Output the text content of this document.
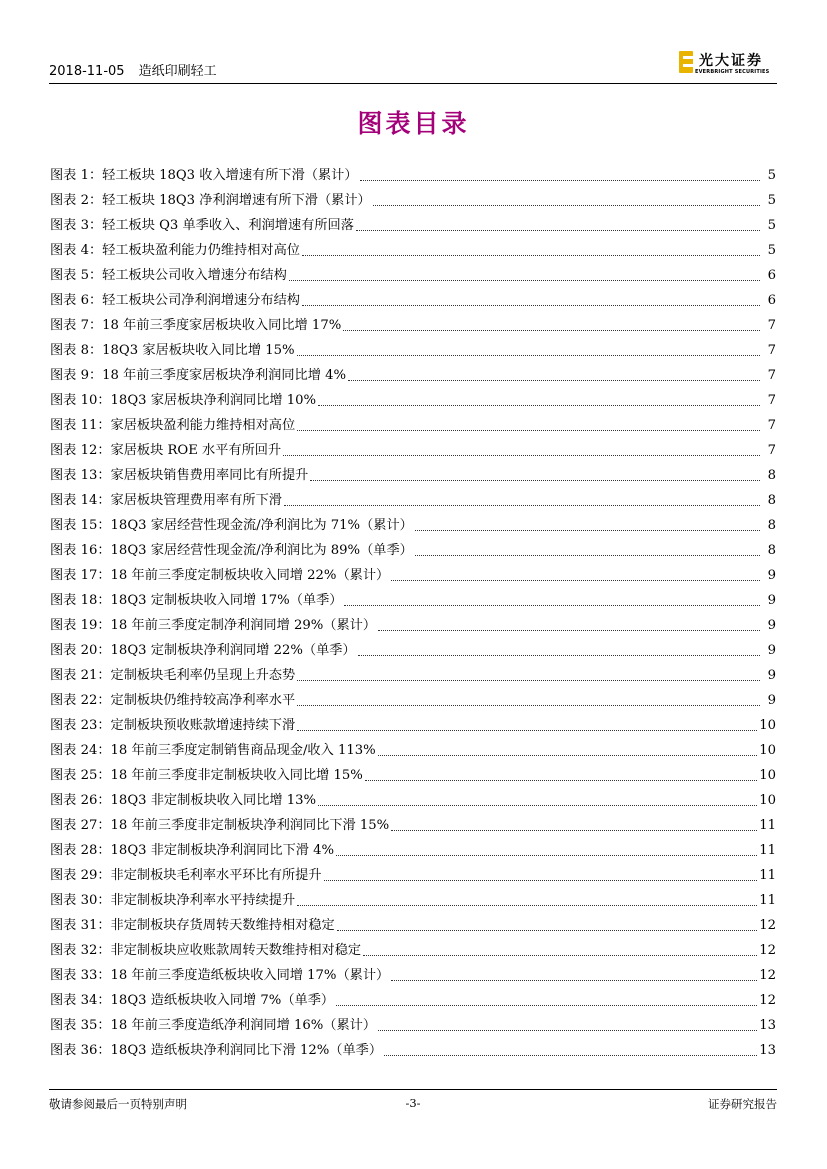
2018-11-05 造纸印刷轻工
光大证券
EVERBRIGHT SECURITIES
图表目录
图表 1：轻工板块 18Q3 收入增速有所下滑（累计）	5
图表 2：轻工板块 18Q3 净利润增速有所下滑（累计）	5
图表 3：轻工板块 Q3 单季收入、利润增速有所回落	5
图表 4：轻工板块盈利能力仍维持相对高位	5
图表 5：轻工板块公司收入增速分布结构	6
图表 6：轻工板块公司净利润增速分布结构	6
图表 7：18 年前三季度家居板块收入同比增 17%	7
图表 8：18Q3 家居板块收入同比增 15%	7
图表 9：18 年前三季度家居板块净利润同比增 4%	7
图表 10：18Q3 家居板块净利润同比增 10%	7
图表 11：家居板块盈利能力维持相对高位	7
图表 12：家居板块 ROE 水平有所回升	7
图表 13：家居板块销售费用率同比有所提升	8
图表 14：家居板块管理费用率有所下滑	8
图表 15：18Q3 家居经营性现金流/净利润比为 71%（累计）	8
图表 16：18Q3 家居经营性现金流/净利润比为 89%（单季）	8
图表 17：18 年前三季度定制板块收入同增 22%（累计）	9
图表 18：18Q3 定制板块收入同增 17%（单季）	9
图表 19：18 年前三季度定制净利润同增 29%（累计）	9
图表 20：18Q3 定制板块净利润同增 22%（单季）	9
图表 21：定制板块毛利率仍呈现上升态势	9
图表 22：定制板块仍维持较高净利率水平	9
图表 23：定制板块预收账款增速持续下滑	10
图表 24：18 年前三季度定制销售商品现金/收入 113%	10
图表 25：18 年前三季度非定制板块收入同比增 15%	10
图表 26：18Q3 非定制板块收入同比增 13%	10
图表 27：18 年前三季度非定制板块净利润同比下滑 15%	11
图表 28：18Q3 非定制板块净利润同比下滑 4%	11
图表 29：非定制板块毛利率水平环比有所提升	11
图表 30：非定制板块净利率水平持续提升	11
图表 31：非定制板块存货周转天数维持相对稳定	12
图表 32：非定制板块应收账款周转天数维持相对稳定	12
图表 33：18 年前三季度造纸板块收入同增 17%（累计）	12
图表 34：18Q3 造纸板块收入同增 7%（单季）	12
图表 35：18 年前三季度造纸净利润同增 16%（累计）	13
图表 36：18Q3 造纸板块净利润同比下滑 12%（单季）	13
敬请参阅最后一页特别声明	-3-	证券研究报告
